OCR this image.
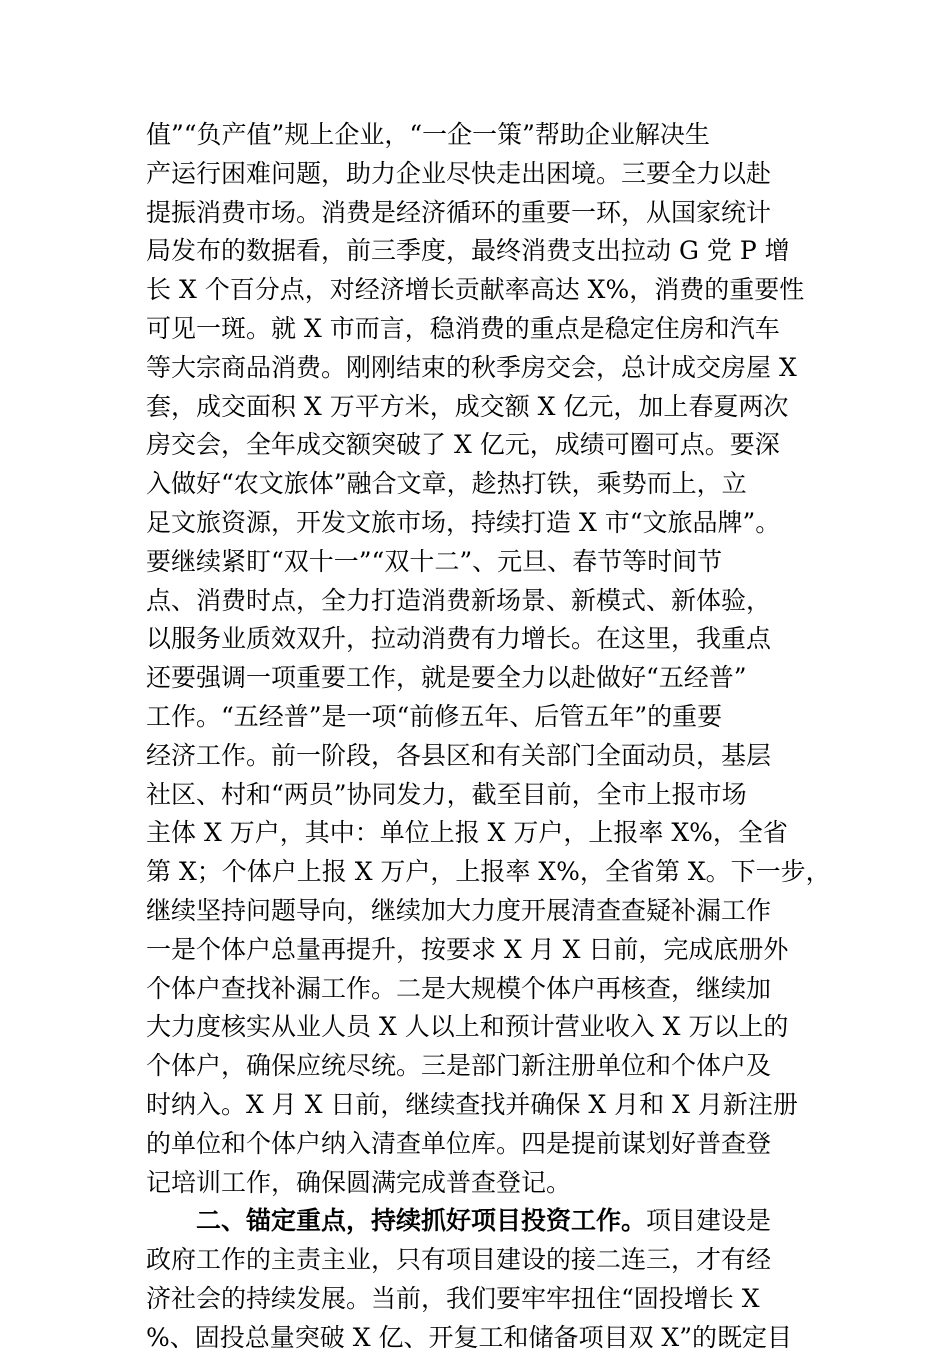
值”“负产值”规上企业，“一企一策”帮助企业解决生
产运行困难问题，助力企业尽快走出困境。三要全力以赴
提振消费市场。消费是经济循环的重要一环，从国家统计
局发布的数据看，前三季度，最终消费支出拉动 G 党 P 增
长 X 个百分点，对经济增长贡献率高达 X%，消费的重要性
可见一斑。就 X 市而言，稳消费的重点是稳定住房和汽车
等大宗商品消费。刚刚结束的秋季房交会，总计成交房屋 X
套，成交面积 X 万平方米，成交额 X 亿元，加上春夏两次
房交会，全年成交额突破了 X 亿元，成绩可圈可点。要深
入做好“农文旅体”融合文章，趁热打铁，乘势而上，立
足文旅资源，开发文旅市场，持续打造 X 市“文旅品牌”。
要继续紧盯“双十一”“双十二”、元旦、春节等时间节
点、消费时点，全力打造消费新场景、新模式、新体验，
以服务业质效双升，拉动消费有力增长。在这里，我重点
还要强调一项重要工作，就是要全力以赴做好“五经普”
工作。“五经普”是一项“前修五年、后管五年”的重要
经济工作。前一阶段，各县区和有关部门全面动员，基层
社区、村和“两员”协同发力，截至目前，全市上报市场
主体 X 万户，其中：单位上报 X 万户，上报率 X%，全省
第 X；个体户上报 X 万户，上报率 X%，全省第 X。下一步，
继续坚持问题导向，继续加大力度开展清查查疑补漏工作
一是个体户总量再提升，按要求 X 月 X 日前，完成底册外
个体户查找补漏工作。二是大规模个体户再核查，继续加
大力度核实从业人员 X 人以上和预计营业收入 X 万以上的
个体户，确保应统尽统。三是部门新注册单位和个体户及
时纳入。X 月 X 日前，继续查找并确保 X 月和 X 月新注册
的单位和个体户纳入清查单位库。四是提前谋划好普查登
记培训工作，确保圆满完成普查登记。
二、锚定重点，持续抓好项目投资工作。项目建设是
政府工作的主责主业，只有项目建设的接二连三，才有经
济社会的持续发展。当前，我们要牢牢扭住“固投增长 X
%、固投总量突破 X 亿、开复工和储备项目双 X”的既定目
